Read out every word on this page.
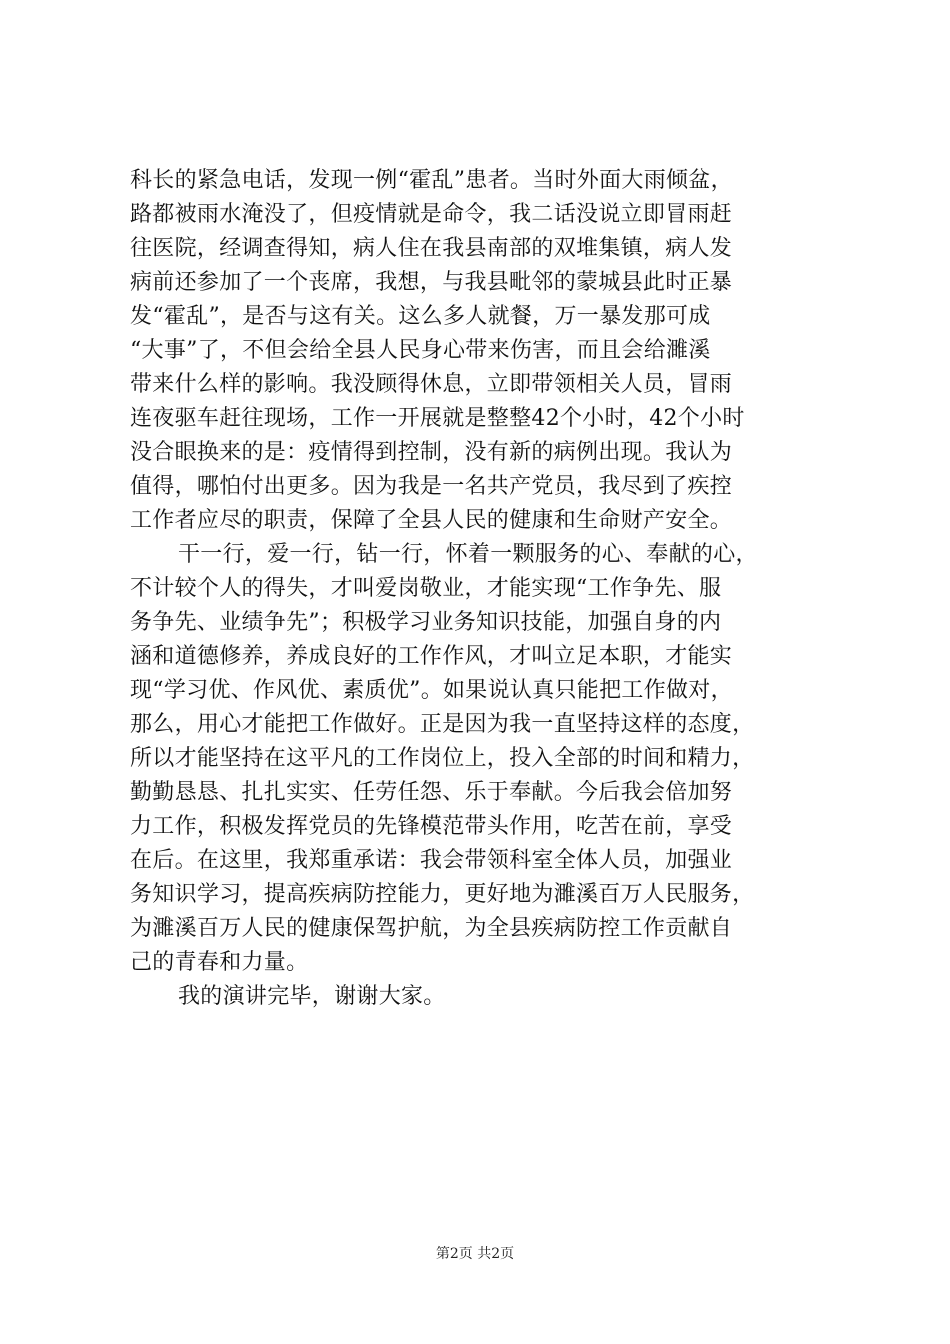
科长的紧急电话，发现一例“霍乱”患者。当时外面大雨倾盆，
路都被雨水淹没了，但疫情就是命令，我二话没说立即冒雨赶
往医院，经调查得知，病人住在我县南部的双堆集镇，病人发
病前还参加了一个丧席，我想，与我县毗邻的蒙城县此时正暴
发“霍乱”，是否与这有关。这么多人就餐，万一暴发那可成
“大事”了，不但会给全县人民身心带来伤害，而且会给濉溪
带来什么样的影响。我没顾得休息，立即带领相关人员，冒雨
连夜驱车赶往现场，工作一开展就是整整42个小时，42个小时
没合眼换来的是：疫情得到控制，没有新的病例出现。我认为
值得，哪怕付出更多。因为我是一名共产党员，我尽到了疾控
工作者应尽的职责，保障了全县人民的健康和生命财产安全。
干一行，爱一行，钻一行，怀着一颗服务的心、奉献的心，
不计较个人的得失，才叫爱岗敬业，才能实现“工作争先、服
务争先、业绩争先”；积极学习业务知识技能，加强自身的内
涵和道德修养，养成良好的工作作风，才叫立足本职，才能实
现“学习优、作风优、素质优”。如果说认真只能把工作做对，
那么，用心才能把工作做好。正是因为我一直坚持这样的态度，
所以才能坚持在这平凡的工作岗位上，投入全部的时间和精力，
勤勤恳恳、扎扎实实、任劳任怨、乐于奉献。今后我会倍加努
力工作，积极发挥党员的先锋模范带头作用，吃苦在前，享受
在后。在这里，我郑重承诺：我会带领科室全体人员，加强业
务知识学习，提高疾病防控能力，更好地为濉溪百万人民服务，
为濉溪百万人民的健康保驾护航，为全县疾病防控工作贡献自
己的青春和力量。
我的演讲完毕，谢谢大家。
第2页 共2页
